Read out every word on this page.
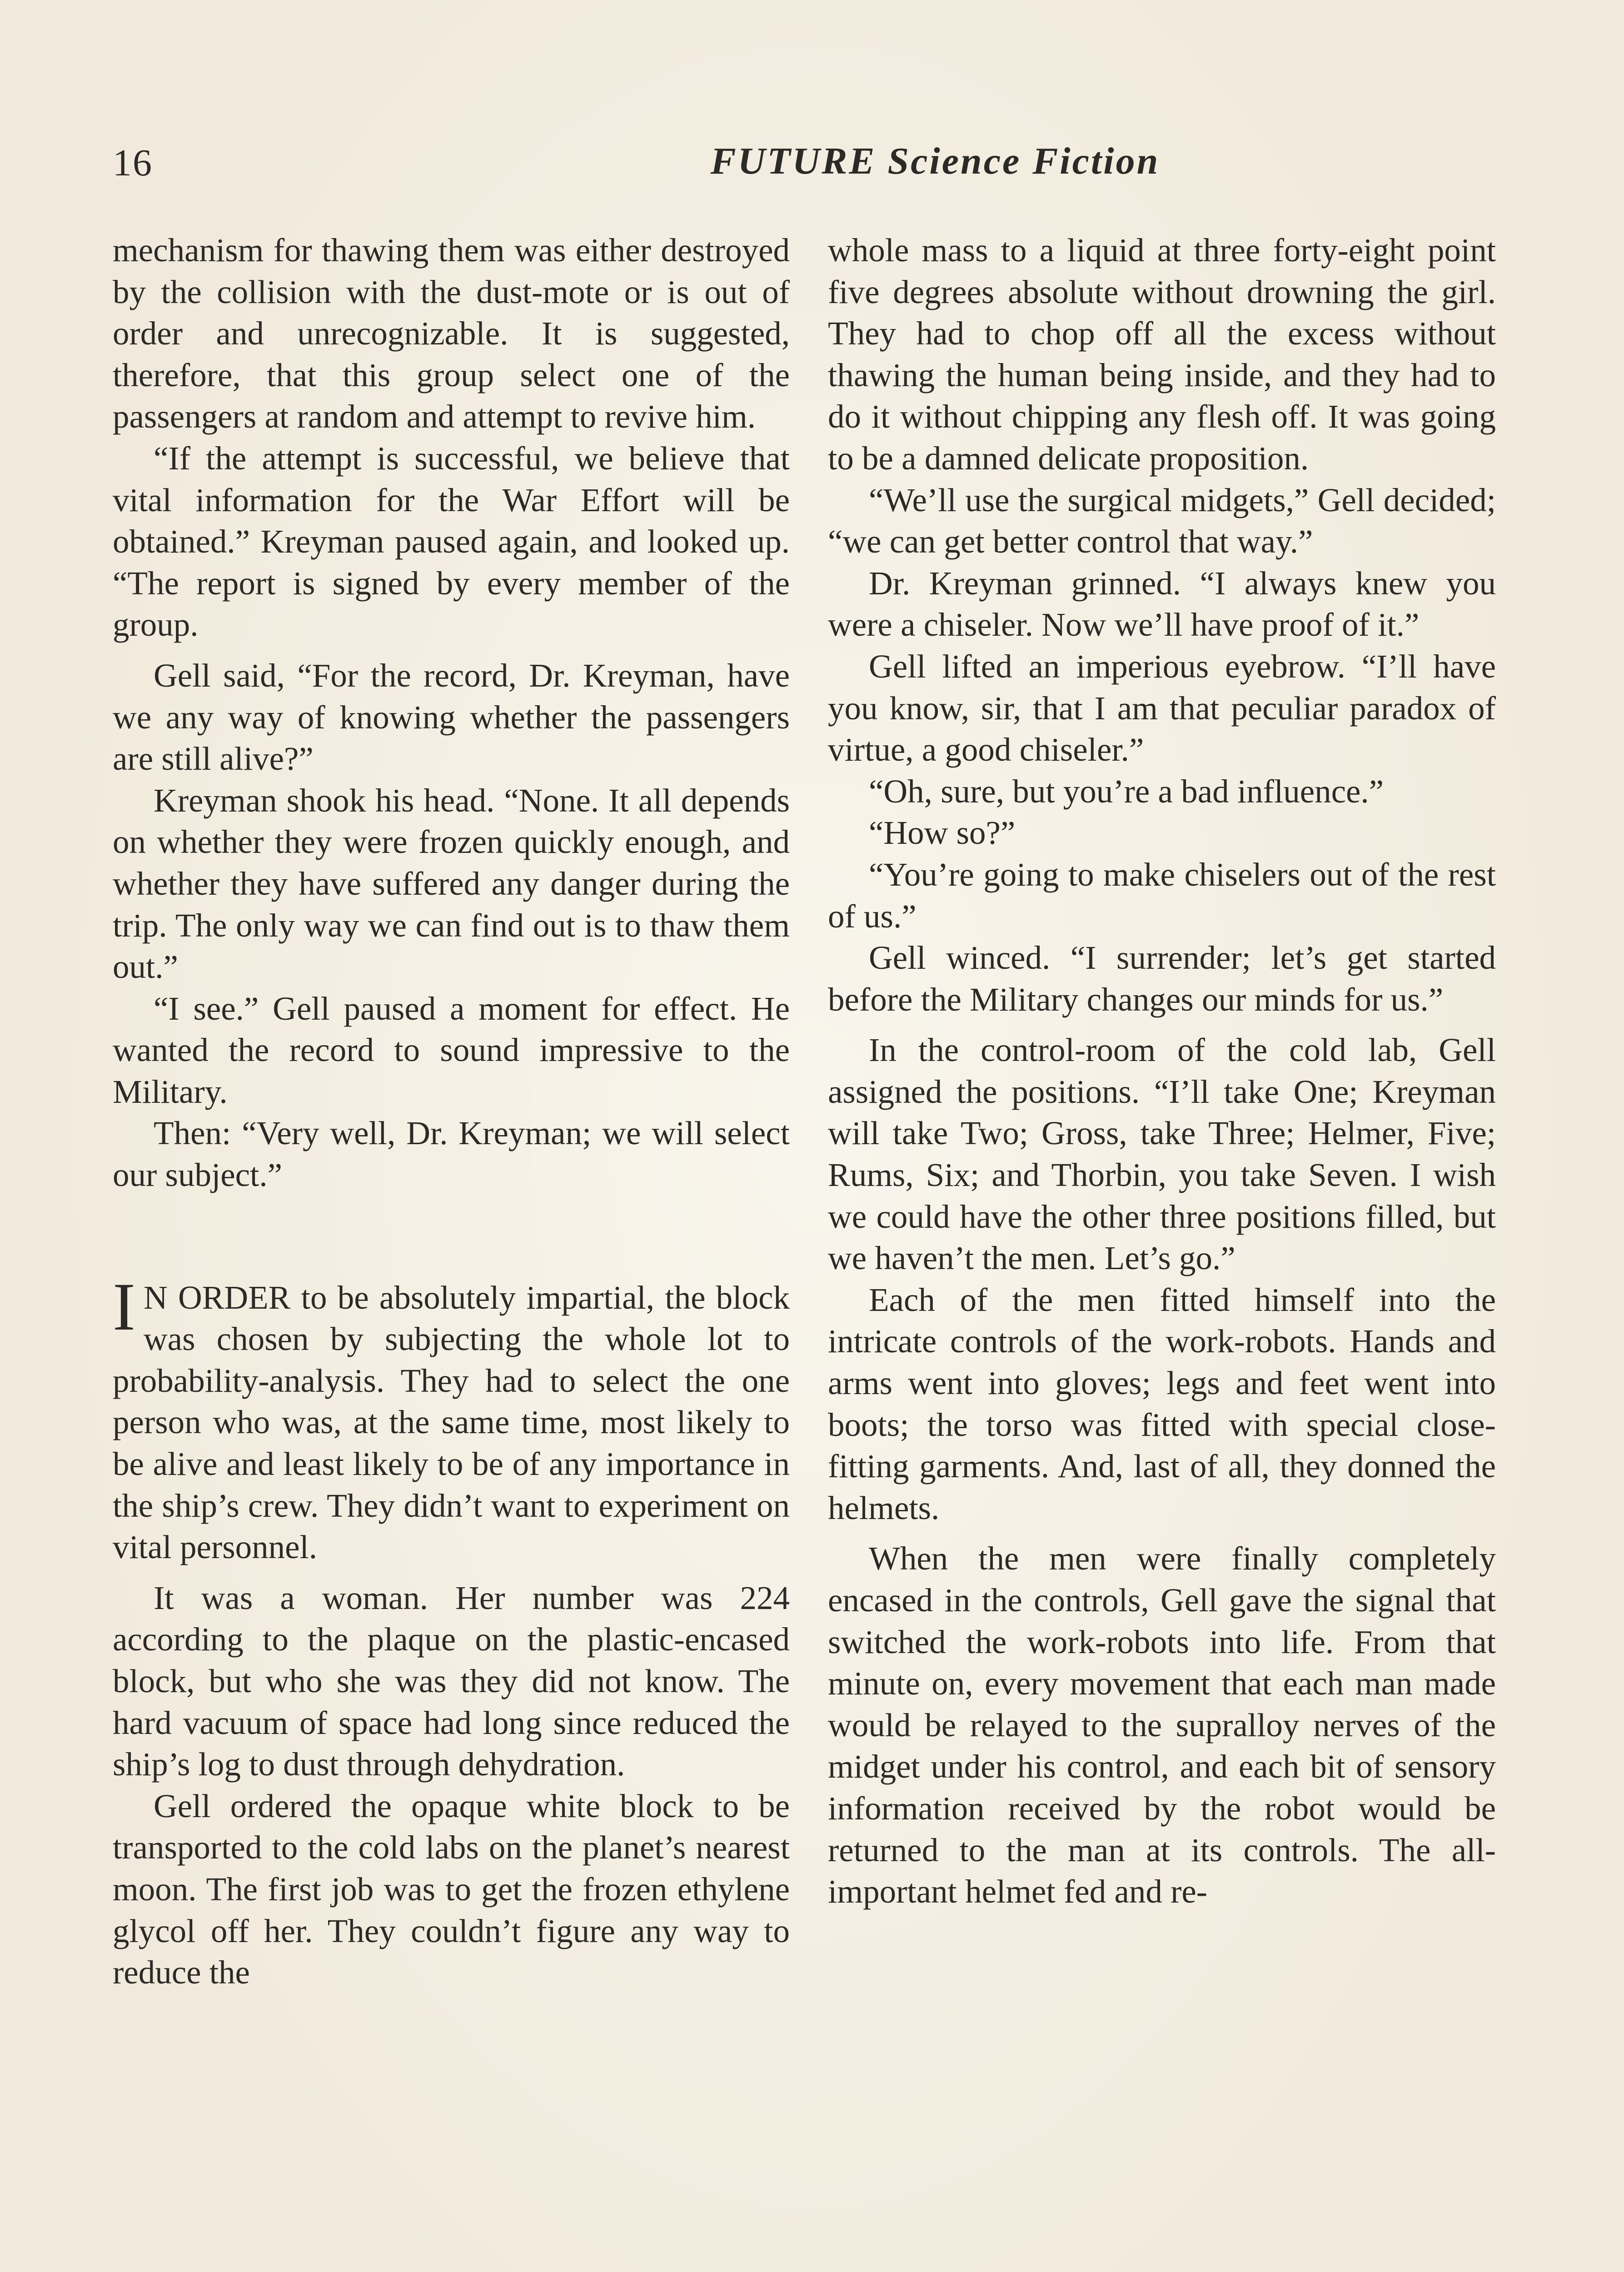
16	FUTURE Science Fiction

mechanism for thawing them was either destroyed by the collision with the dust-mote or is out of order and unrecognizable. It is suggested, therefore, that this group select one of the passengers at random and attempt to revive him.

“If the attempt is successful, we believe that vital information for the War Effort will be obtained.” Kreyman paused again, and looked up. “The report is signed by every member of the group.

Gell said, “For the record, Dr. Kreyman, have we any way of knowing whether the passengers are still alive?”

Kreyman shook his head. “None. It all depends on whether they were frozen quickly enough, and whether they have suffered any danger during the trip. The only way we can find out is to thaw them out.”

“I see.” Gell paused a moment for effect. He wanted the record to sound impressive to the Military.

Then: “Very well, Dr. Kreyman; we will select our subject.”

I N ORDER to be absolutely impartial, the block was chosen by subjecting the whole lot to probability-analysis. They had to select the one person who was, at the same time, most likely to be alive and least likely to be of any importance in the ship’s crew. They didn’t want to experiment on vital personnel.

It was a woman. Her number was 224 according to the plaque on the plastic-encased block, but who she was they did not know. The hard vacuum of space had long since reduced the ship’s log to dust through dehydration.

Gell ordered the opaque white block to be transported to the cold labs on the planet’s nearest moon. The first job was to get the frozen ethylene glycol off her. They couldn’t figure any way to reduce the

whole mass to a liquid at three forty-eight point five degrees absolute without drowning the girl. They had to chop off all the excess without thawing the human being inside, and they had to do it without chipping any flesh off. It was going to be a damned delicate proposition.

“We’ll use the surgical midgets,” Gell decided; “we can get better control that way.”

Dr. Kreyman grinned. “I always knew you were a chiseler. Now we’ll have proof of it.”

Gell lifted an imperious eyebrow. “I’ll have you know, sir, that I am that peculiar paradox of virtue, a good chiseler.”

“Oh, sure, but you’re a bad influence.”

“How so?”

“You’re going to make chiselers out of the rest of us.”

Gell winced. “I surrender; let’s get started before the Military changes our minds for us.”

In the control-room of the cold lab, Gell assigned the positions. “I’ll take One; Kreyman will take Two; Gross, take Three; Helmer, Five; Rums, Six; and Thorbin, you take Seven. I wish we could have the other three positions filled, but we haven’t the men. Let’s go.”

Each of the men fitted himself into the intricate controls of the work-robots. Hands and arms went into gloves; legs and feet went into boots; the torso was fitted with special close-fitting garments. And, last of all, they donned the helmets.

When the men were finally completely encased in the controls, Gell gave the signal that switched the work-robots into life. From that minute on, every movement that each man made would be relayed to the supralloy nerves of the midget under his control, and each bit of sensory information received by the robot would be returned to the man at its controls. The all-important helmet fed and re-
